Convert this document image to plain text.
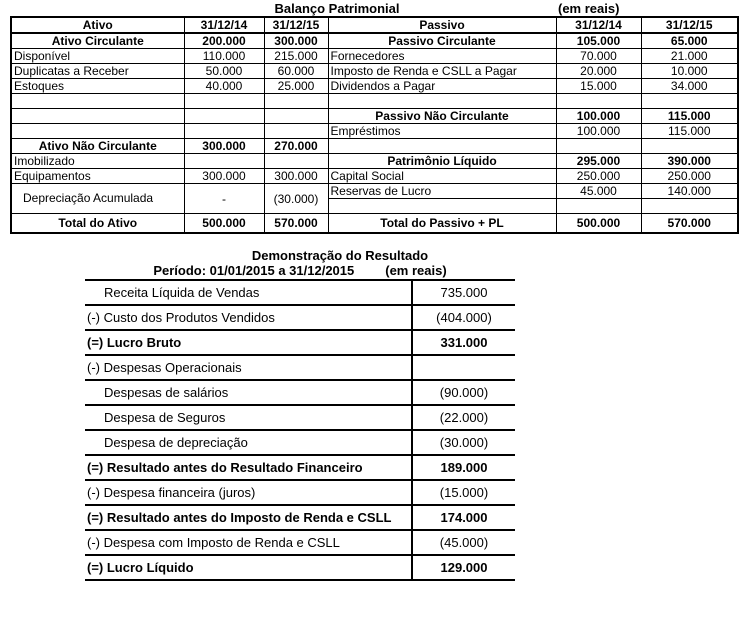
Balanço Patrimonial	(em reais)
Ativo	31/12/14	31/12/15	Passivo	31/12/14	31/12/15
Ativo Circulante	200.000	300.000	Passivo Circulante	105.000	65.000
Disponível	110.000	215.000	Fornecedores	70.000	21.000
Duplicatas a Receber	50.000	60.000	Imposto de Renda e CSLL a Pagar	20.000	10.000
Estoques	40.000	25.000	Dividendos a Pagar	15.000	34.000

			Passivo Não Circulante	100.000	115.000
			Empréstimos	100.000	115.000
Ativo Não Circulante	300.000	270.000			
Imobilizado			Patrimônio Líquido	295.000	390.000
Equipamentos	300.000	300.000	Capital Social	250.000	250.000

Depreciação Acumulada	-	(30.000)	Reservas de Lucro	45.000	140.000

Total do Ativo	500.000	570.000	Total do Passivo + PL	500.000	570.000
Demonstração do Resultado
Período: 01/01/2015 a 31/12/2015 (em reais)
Receita Líquida de Vendas	735.000
(-) Custo dos Produtos Vendidos	(404.000)
(=) Lucro Bruto	331.000
(-) Despesas Operacionais	
Despesas de salários	(90.000)
Despesa de Seguros	(22.000)
Despesa de depreciação	(30.000)
(=) Resultado antes do Resultado Financeiro	189.000
(-) Despesa financeira (juros)	(15.000)
(=) Resultado antes do Imposto de Renda e CSLL	174.000
(-) Despesa com Imposto de Renda e CSLL	(45.000)
(=) Lucro Líquido	129.000
